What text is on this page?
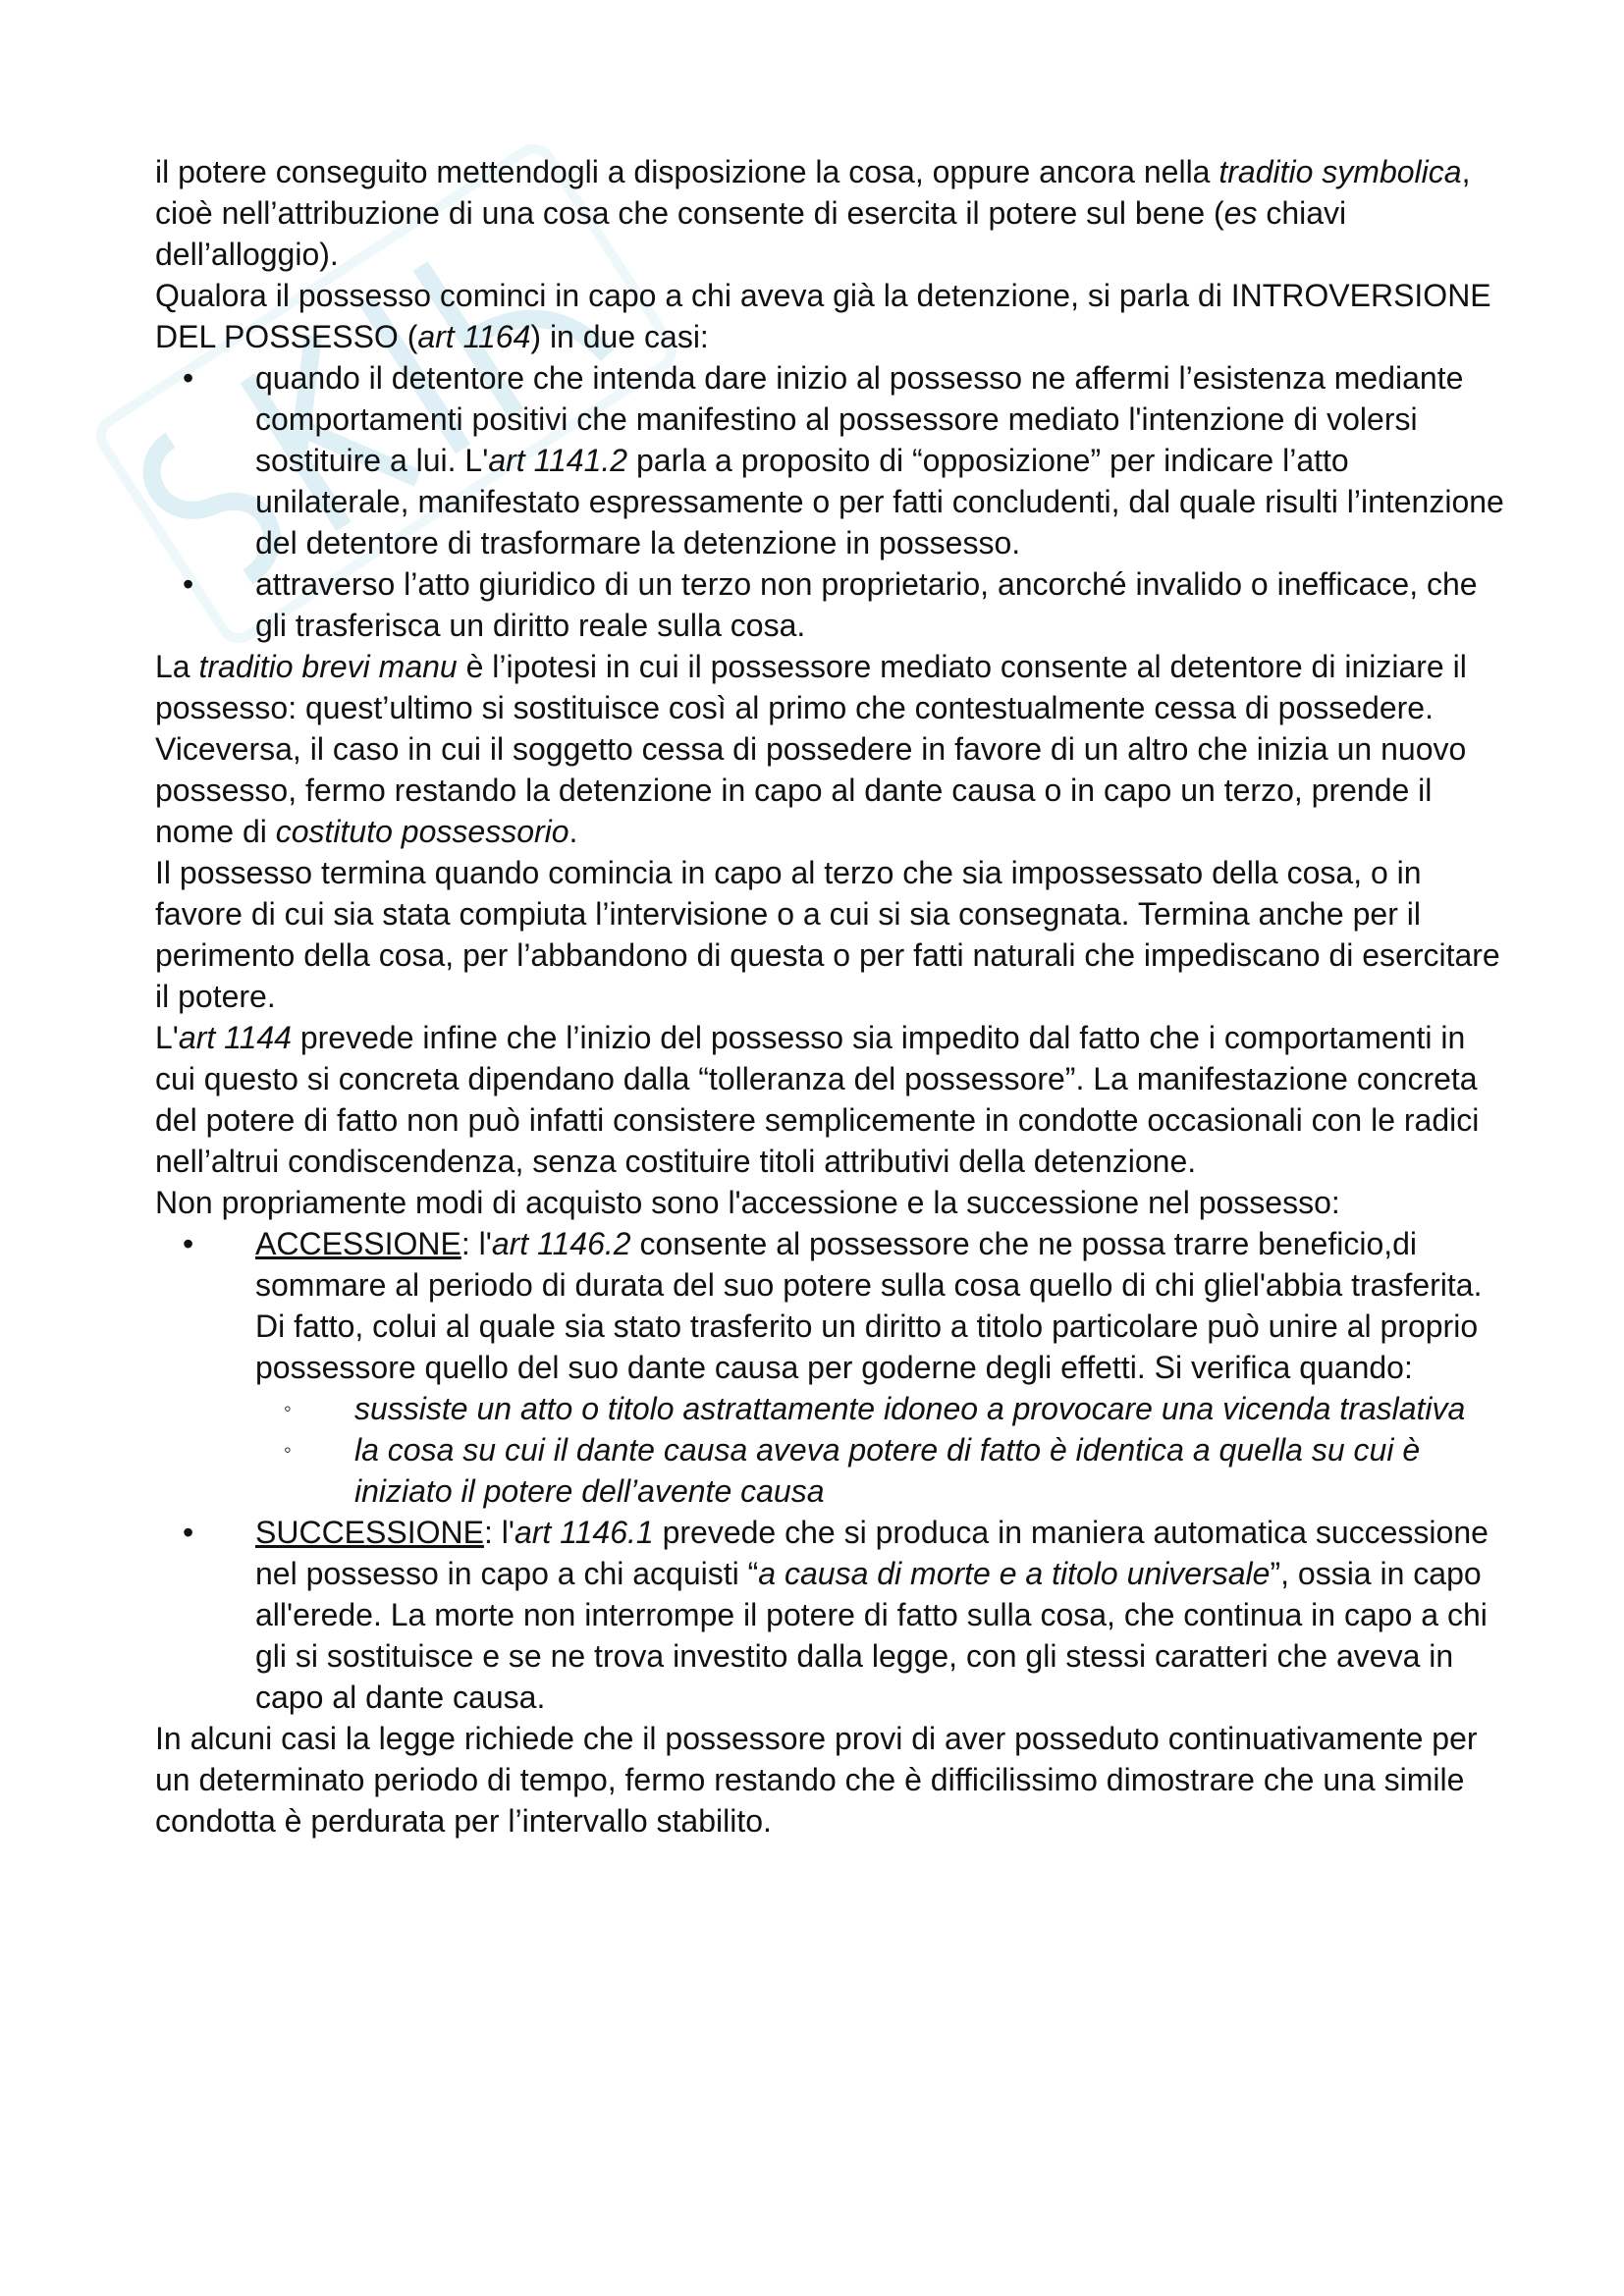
il potere conseguito mettendogli a disposizione la cosa, oppure ancora nella traditio symbolica, cioè nell’attribuzione di una cosa che consente di esercita il potere sul bene (es chiavi dell’alloggio).

Qualora il possesso cominci in capo a chi aveva già la detenzione, si parla di INTROVERSIONE DEL POSSESSO (art 1164) in due casi:

• quando il detentore che intenda dare inizio al possesso ne affermi l’esistenza mediante comportamenti positivi che manifestino al possessore mediato l'intenzione di volersi sostituire a lui. L'art 1141.2 parla a proposito di “opposizione” per indicare l’atto unilaterale, manifestato espressamente o per fatti concludenti, dal quale risulti l’intenzione
del detentore di trasformare la detenzione in possesso.
• attraverso l’atto giuridico di un terzo non proprietario, ancorché invalido o inefficace, che gli trasferisca un diritto reale sulla cosa.

La traditio brevi manu è l’ipotesi in cui il possessore mediato consente al detentore di iniziare il possesso: quest’ultimo si sostituisce così al primo che contestualmente cessa di possedere. Viceversa, il caso in cui il soggetto cessa di possedere in favore di un altro che inizia un nuovo possesso, fermo restando la detenzione in capo al dante causa o in capo un terzo, prende il nome di costituto possessorio.

Il possesso termina quando comincia in capo al terzo che sia impossessato della cosa, o in favore di cui sia stata compiuta l’intervisione o a cui si sia consegnata. Termina anche per il perimento della cosa, per l’abbandono di questa o per fatti naturali che impediscano di esercitare il potere.

L'art 1144 prevede infine che l’inizio del possesso sia impedito dal fatto che i comportamenti in cui questo si concreta dipendano dalla “tolleranza del possessore”. La manifestazione concreta del potere di fatto non può infatti consistere semplicemente in condotte occasionali con le radici nell’altrui condiscendenza, senza costituire titoli attributivi della detenzione.

Non propriamente modi di acquisto sono l'accessione e la successione nel possesso:

• ACCESSIONE: l'art 1146.2 consente al possessore che ne possa trarre beneficio,di sommare al periodo di durata del suo potere sulla cosa quello di chi gliel'abbia trasferita. Di fatto, colui al quale sia stato trasferito un diritto a titolo particolare può unire al proprio possessore quello del suo dante causa per goderne degli effetti. Si verifica quando:
◦ sussiste un atto o titolo astrattamente idoneo a provocare una vicenda traslativa
◦ la cosa su cui il dante causa aveva potere di fatto è identica a quella su cui è iniziato il potere dell’avente causa
• SUCCESSIONE: l'art 1146.1 prevede che si produca in maniera automatica successione nel possesso in capo a chi acquisti “a causa di morte e a titolo universale”, ossia in capo all'erede. La morte non interrompe il potere di fatto sulla cosa, che continua in capo a chi gli si sostituisce e se ne trova investito dalla legge, con gli stessi caratteri che aveva in capo al dante causa.

In alcuni casi la legge richiede che il possessore provi di aver posseduto continuativamente per un determinato periodo di tempo, fermo restando che è difficilissimo dimostrare che una simile condotta è perdurata per l’intervallo stabilito.
